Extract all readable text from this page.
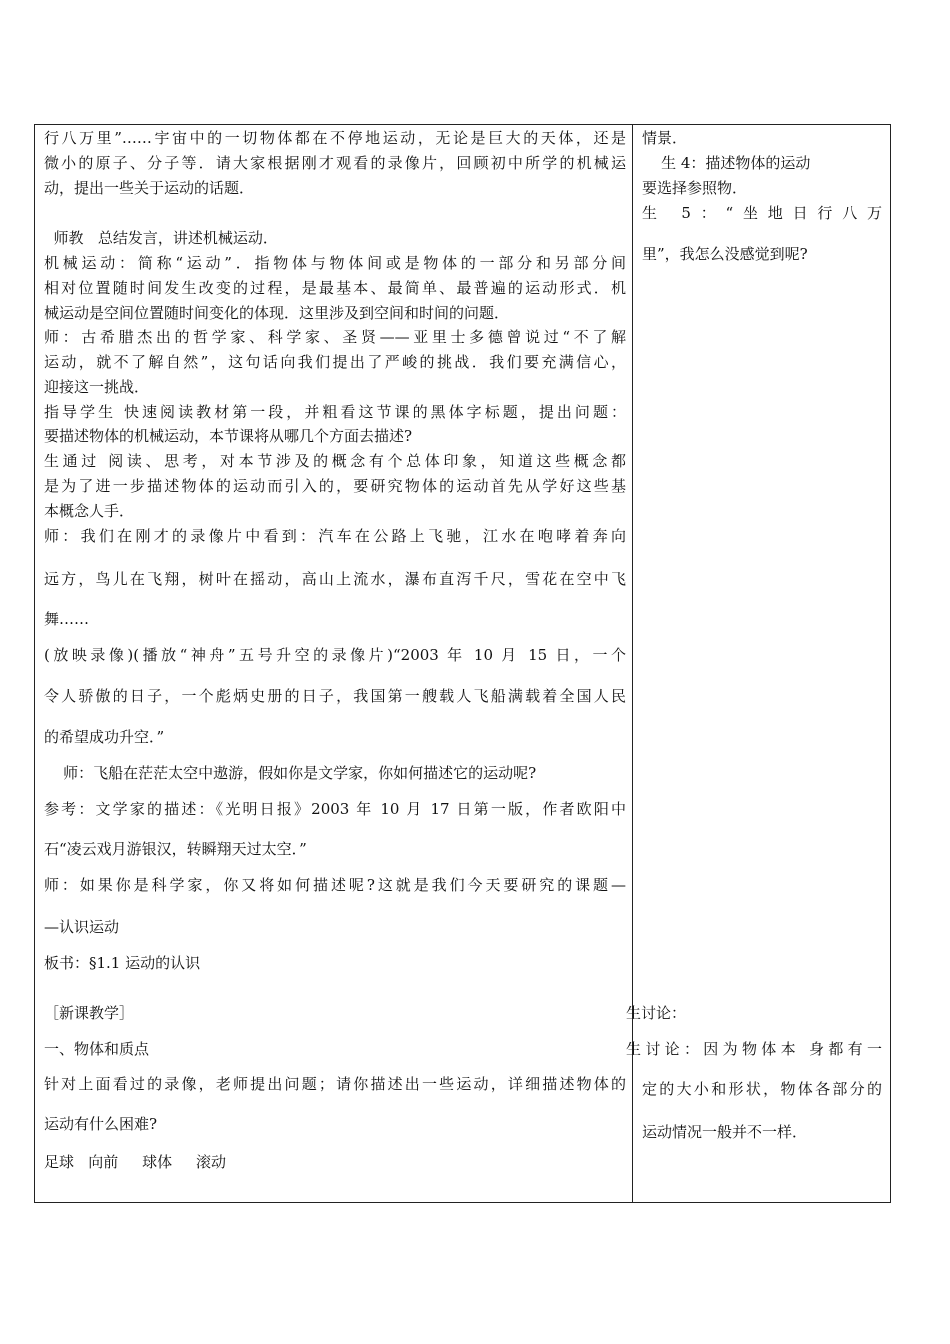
行八万里”……宇宙中的一切物体都在不停地运动，无论是巨大的天体，还是
微小的原子、分子等．请大家根据刚才观看的录像片，回顾初中所学的机械运
动，提出一些关于运动的话题．
师教   总结发言，讲述机械运动．
机械运动：简称“运动”．指物体与物体间或是物体的一部分和另部分间
相对位置随时间发生改变的过程，是最基本、最简单、最普遍的运动形式．机
械运动是空间位置随时间变化的体现．这里涉及到空间和时间的问题．
师：古希腊杰出的哲学家、科学家、圣贤——亚里士多德曾说过“不了解
运动，就不了解自然”，这句话向我们提出了严峻的挑战．我们要充满信心，
迎接这一挑战．
指导学生 快速阅读教材第一段，并粗看这节课的黑体字标题，提出问题：
要描述物体的机械运动，本节课将从哪几个方面去描述?
生通过 阅读、思考，对本节涉及的概念有个总体印象，知道这些概念都
是为了进一步描述物体的运动而引入的，要研究物体的运动首先从学好这些基
本概念人手．
师：我们在刚才的录像片中看到：汽车在公路上飞驰，江水在咆哮着奔向
远方，鸟儿在飞翔，树叶在摇动，高山上流水，瀑布直泻千尺，雪花在空中飞
舞……
(放映录像)(播放“神舟”五号升空的录像片)“2003 年 10 月 15 日，一个
令人骄傲的日子，一个彪炳史册的日子，我国第一艘载人飞船满载着全国人民
的希望成功升空．”
师：飞船在茫茫太空中遨游，假如你是文学家，你如何描述它的运动呢?
参考：文学家的描述：《光明日报》2003 年 10 月 17 日第一版，作者欧阳中
石“凌云戏月游银汉，转瞬翔天过太空．”
师：如果你是科学家，你又将如何描述呢?这就是我们今天要研究的课题—
—认识运动
板书：§1.1 运动的认识
［新课教学］
一、物体和质点
针对上面看过的录像，老师提出问题；请你描述出一些运动，详细描述物体的
运动有什么困难?
足球   向前     球体     滚动
情景．
生 4：描述物体的运动
要选择参照物．
生 5：“坐地日行八万
里”，我怎么没感觉到呢?
生讨论：
生讨论：因为物体本 身都有一
定的大小和形状，物体各部分的
运动情况一般并不一样．
